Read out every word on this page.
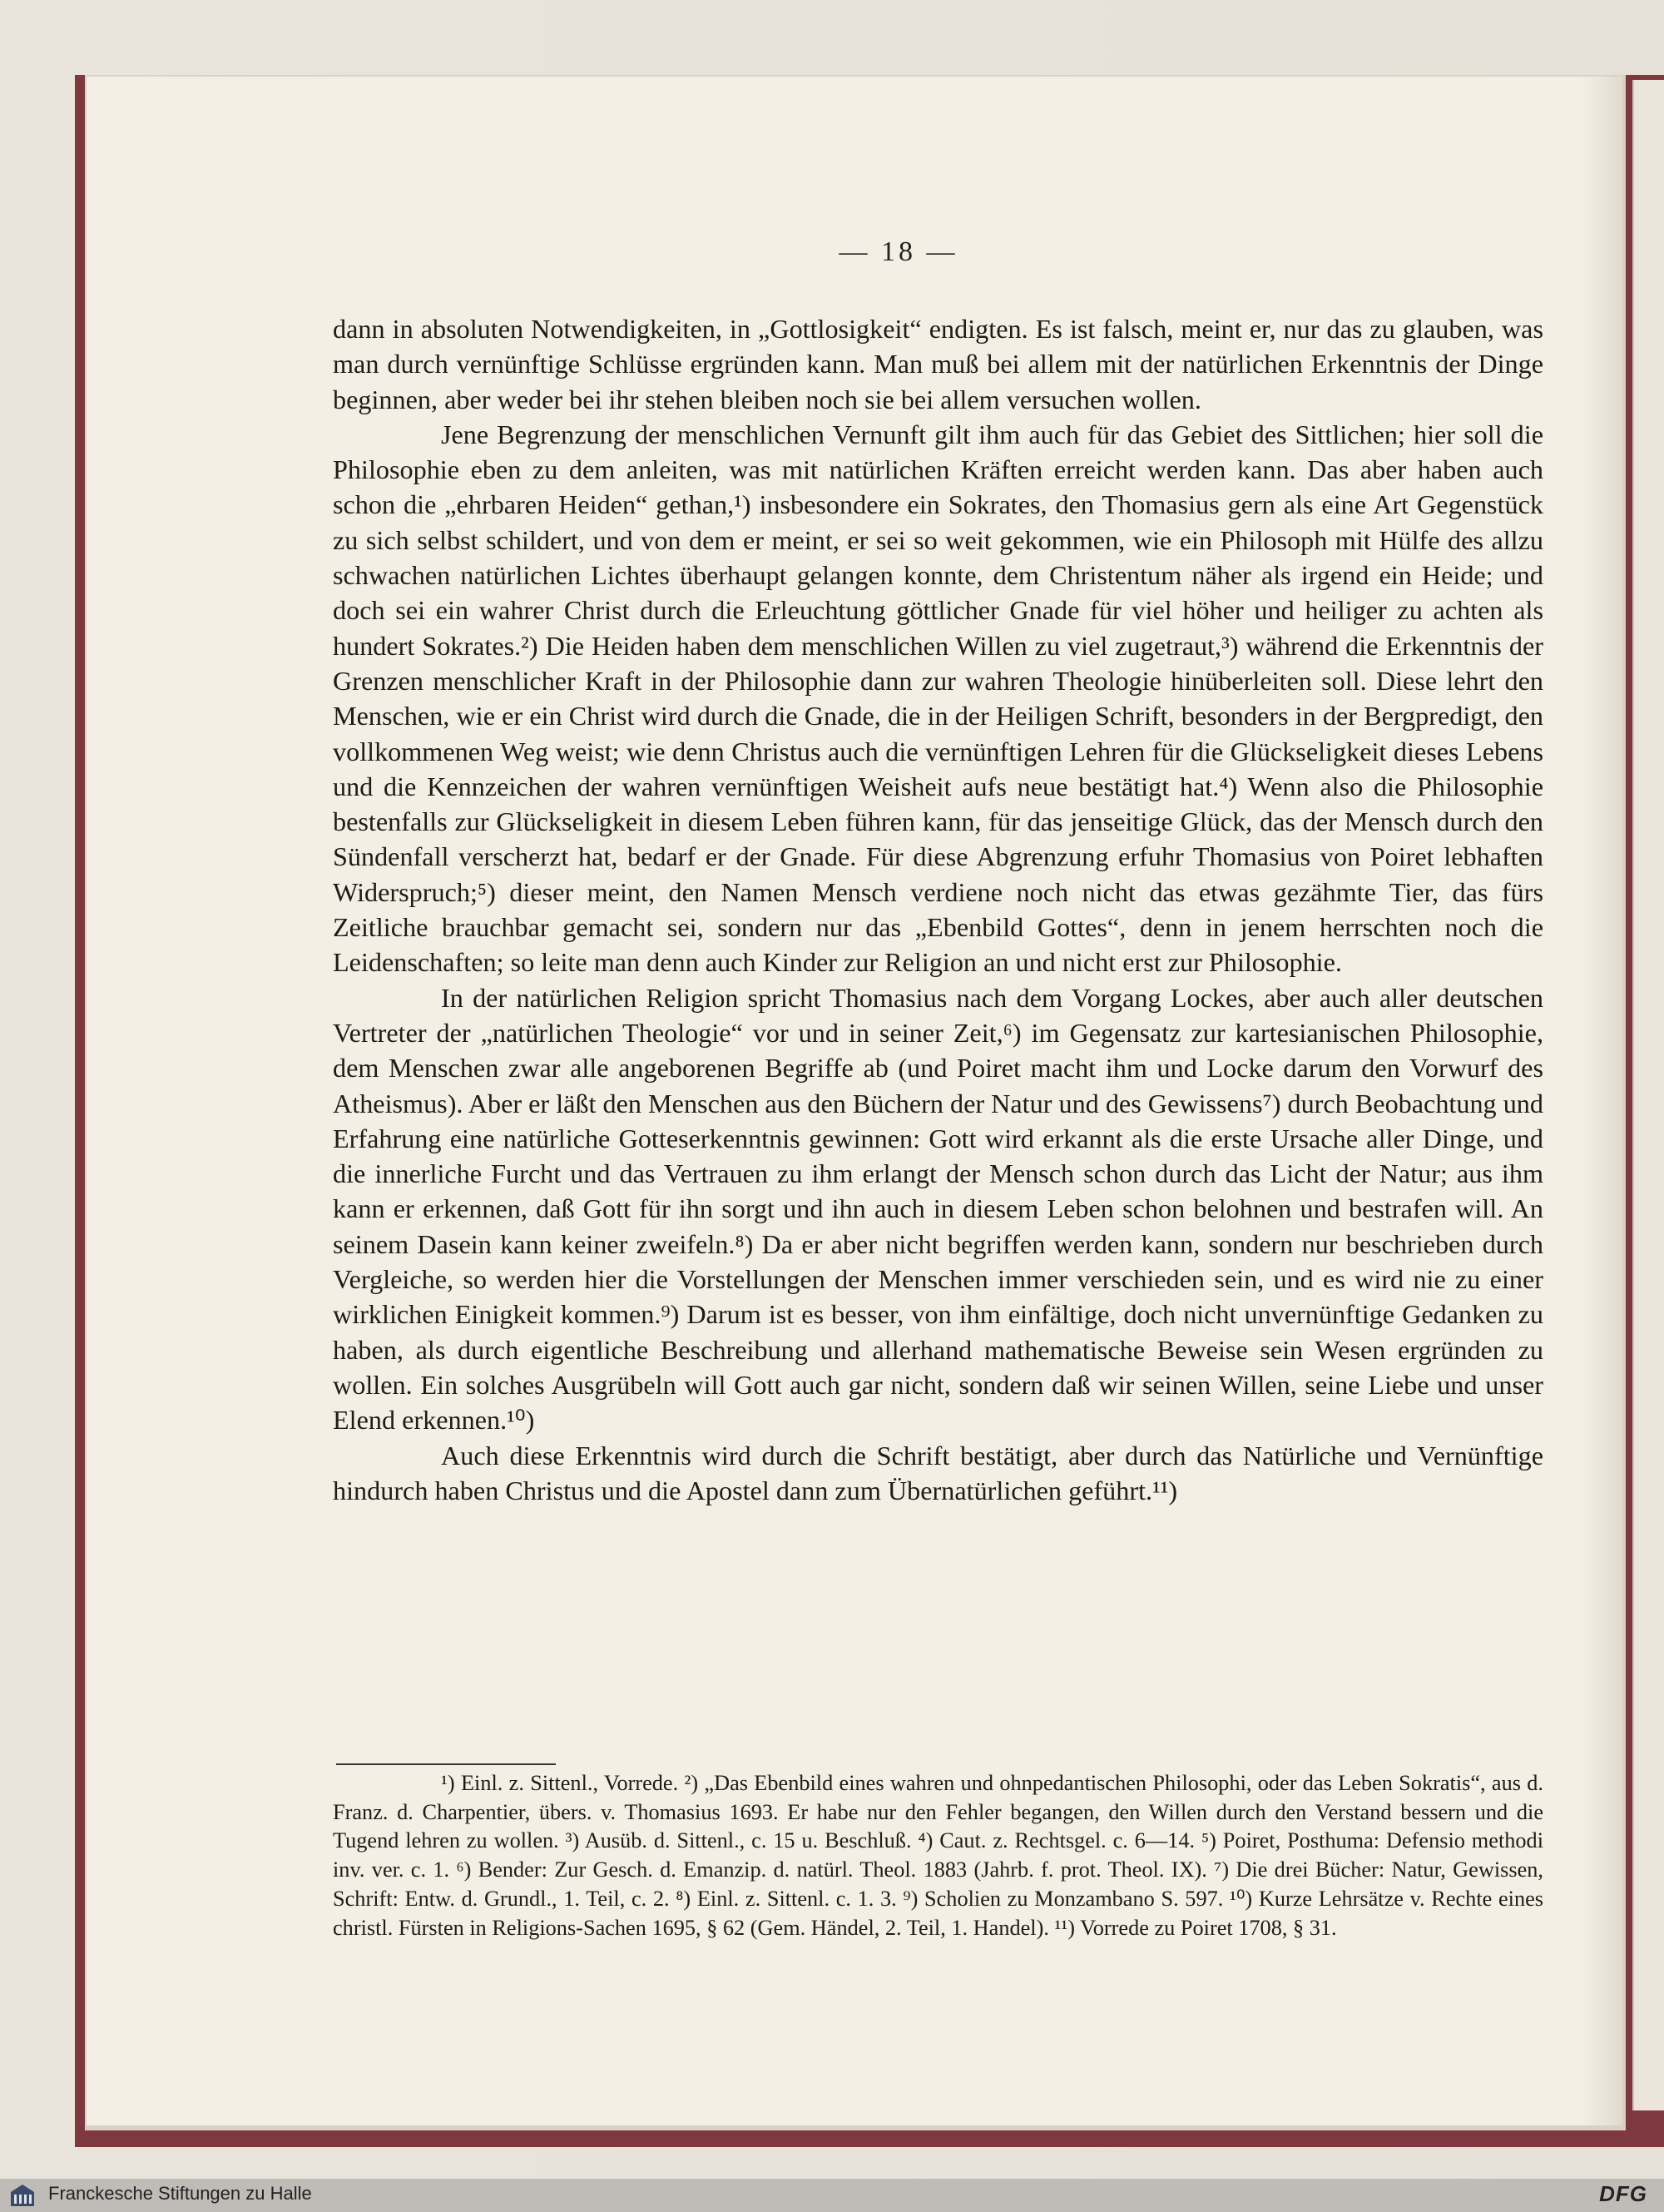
— 18 —

dann in absoluten Notwendigkeiten, in „Gottlosigkeit“ endigten. Es ist falsch, meint er, nur das zu glauben, was man durch vernünftige Schlüsse ergründen kann. Man muß bei allem mit der natürlichen Erkenntnis der Dinge beginnen, aber weder bei ihr stehen bleiben noch sie bei allem versuchen wollen.

Jene Begrenzung der menschlichen Vernunft gilt ihm auch für das Gebiet des Sittlichen; hier soll die Philosophie eben zu dem anleiten, was mit natürlichen Kräften erreicht werden kann. Das aber haben auch schon die „ehrbaren Heiden“ gethan,¹) insbesondere ein Sokrates, den Thomasius gern als eine Art Gegenstück zu sich selbst schildert, und von dem er meint, er sei so weit gekommen, wie ein Philosoph mit Hülfe des allzu schwachen natürlichen Lichtes überhaupt gelangen konnte, dem Christentum näher als irgend ein Heide; und doch sei ein wahrer Christ durch die Erleuchtung göttlicher Gnade für viel höher und heiliger zu achten als hundert Sokrates.²) Die Heiden haben dem menschlichen Willen zu viel zugetraut,³) während die Erkenntnis der Grenzen menschlicher Kraft in der Philosophie dann zur wahren Theologie hinüberleiten soll. Diese lehrt den Menschen, wie er ein Christ wird durch die Gnade, die in der Heiligen Schrift, besonders in der Bergpredigt, den vollkommenen Weg weist; wie denn Christus auch die vernünftigen Lehren für die Glückseligkeit dieses Lebens und die Kennzeichen der wahren vernünftigen Weisheit aufs neue bestätigt hat.⁴) Wenn also die Philosophie bestenfalls zur Glückseligkeit in diesem Leben führen kann, für das jenseitige Glück, das der Mensch durch den Sündenfall verscherzt hat, bedarf er der Gnade. Für diese Abgrenzung erfuhr Thomasius von Poiret lebhaften Widerspruch;⁵) dieser meint, den Namen Mensch verdiene noch nicht das etwas gezähmte Tier, das fürs Zeitliche brauchbar gemacht sei, sondern nur das „Ebenbild Gottes“, denn in jenem herrschten noch die Leidenschaften; so leite man denn auch Kinder zur Religion an und nicht erst zur Philosophie.

In der natürlichen Religion spricht Thomasius nach dem Vorgang Lockes, aber auch aller deutschen Vertreter der „natürlichen Theologie“ vor und in seiner Zeit,⁶) im Gegensatz zur kartesianischen Philosophie, dem Menschen zwar alle angeborenen Begriffe ab (und Poiret macht ihm und Locke darum den Vorwurf des Atheismus). Aber er läßt den Menschen aus den Büchern der Natur und des Gewissens⁷) durch Beobachtung und Erfahrung eine natürliche Gotteserkenntnis gewinnen: Gott wird erkannt als die erste Ursache aller Dinge, und die innerliche Furcht und das Vertrauen zu ihm erlangt der Mensch schon durch das Licht der Natur; aus ihm kann er erkennen, daß Gott für ihn sorgt und ihn auch in diesem Leben schon belohnen und bestrafen will. An seinem Dasein kann keiner zweifeln.⁸) Da er aber nicht begriffen werden kann, sondern nur beschrieben durch Vergleiche, so werden hier die Vorstellungen der Menschen immer verschieden sein, und es wird nie zu einer wirklichen Einigkeit kommen.⁹) Darum ist es besser, von ihm einfältige, doch nicht unvernünftige Gedanken zu haben, als durch eigentliche Beschreibung und allerhand mathematische Beweise sein Wesen ergründen zu wollen. Ein solches Ausgrübeln will Gott auch gar nicht, sondern daß wir seinen Willen, seine Liebe und unser Elend erkennen.¹⁰)

Auch diese Erkenntnis wird durch die Schrift bestätigt, aber durch das Natürliche und Vernünftige hindurch haben Christus und die Apostel dann zum Übernatürlichen geführt.¹¹)

¹) Einl. z. Sittenl., Vorrede. ²) „Das Ebenbild eines wahren und ohnpedantischen Philosophi, oder das Leben Sokratis“, aus d. Franz. d. Charpentier, übers. v. Thomasius 1693. Er habe nur den Fehler begangen, den Willen durch den Verstand bessern und die Tugend lehren zu wollen. ³) Ausüb. d. Sittenl., c. 15 u. Beschluß. ⁴) Caut. z. Rechtsgel. c. 6—14. ⁵) Poiret, Posthuma: Defensio methodi inv. ver. c. 1. ⁶) Bender: Zur Gesch. d. Emanzip. d. natürl. Theol. 1883 (Jahrb. f. prot. Theol. IX). ⁷) Die drei Bücher: Natur, Gewissen, Schrift: Entw. d. Grundl., 1. Teil, c. 2. ⁸) Einl. z. Sittenl. c. 1. 3. ⁹) Scholien zu Monzambano S. 597. ¹⁰) Kurze Lehrsätze v. Rechte eines christl. Fürsten in Religions-Sachen 1695, § 62 (Gem. Händel, 2. Teil, 1. Handel). ¹¹) Vorrede zu Poiret 1708, § 31.

Franckesche Stiftungen zu Halle	DFG
